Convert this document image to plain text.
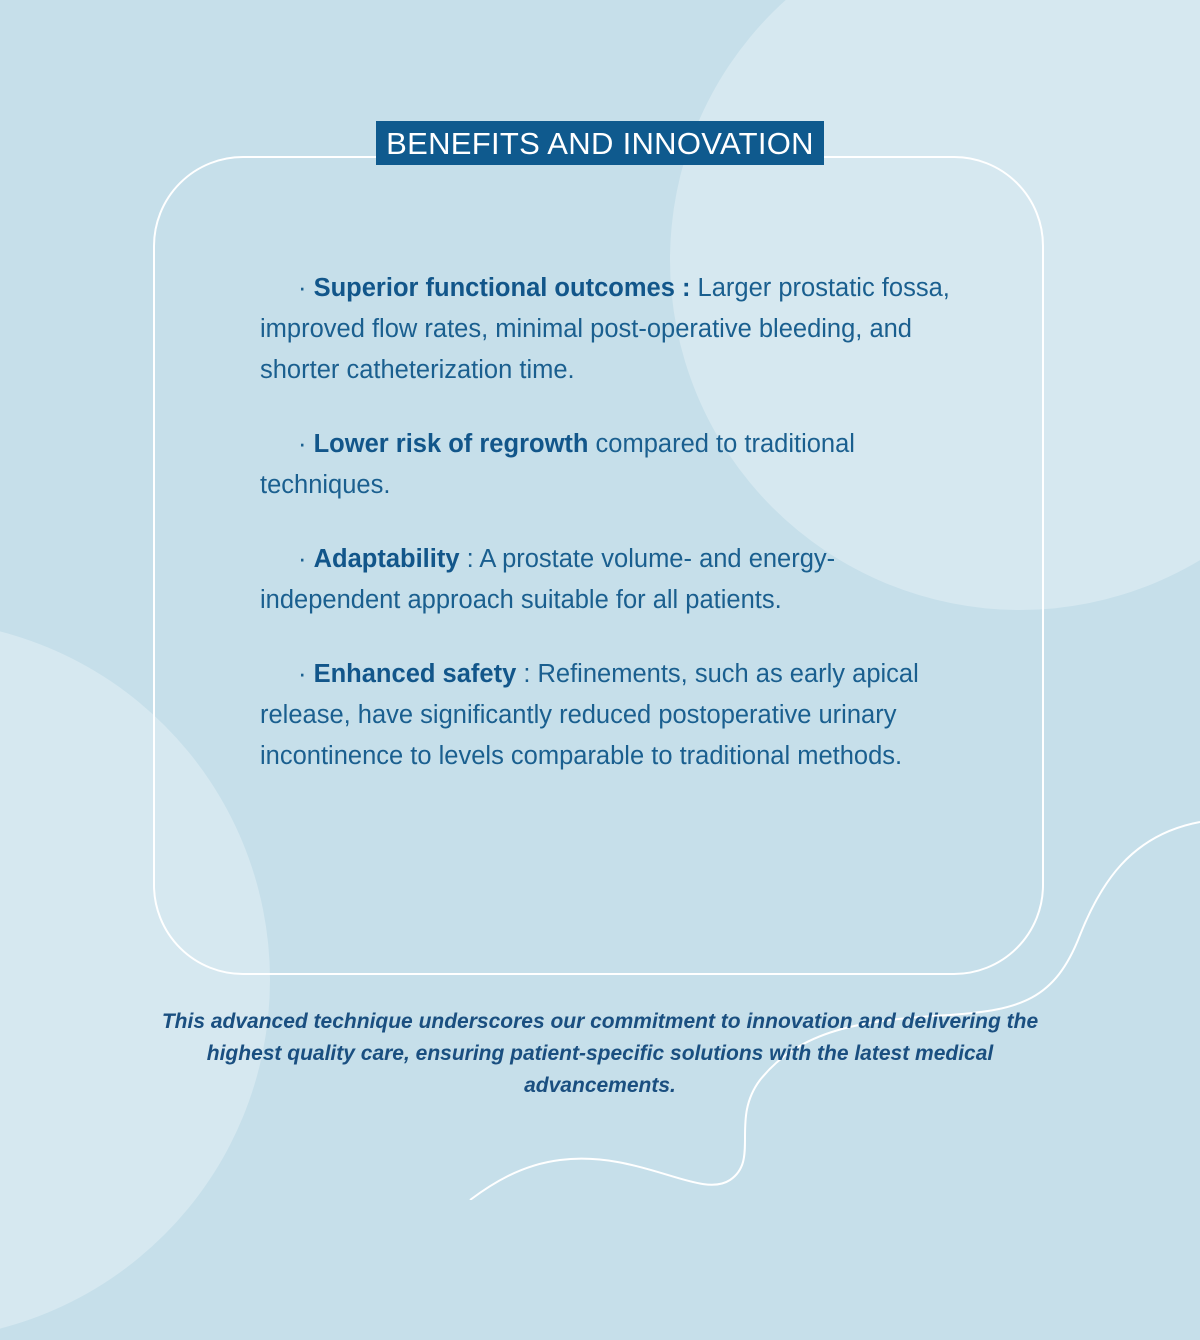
BENEFITS AND INNOVATION

· Superior functional outcomes : Larger prostatic fossa, improved flow rates, minimal post-operative bleeding, and shorter catheterization time.

· Lower risk of regrowth compared to traditional techniques.

· Adaptability : A prostate volume- and energy-independent approach suitable for all patients.

· Enhanced safety : Refinements, such as early apical release, have significantly reduced postoperative urinary incontinence to levels comparable to traditional methods.

This advanced technique underscores our commitment to innovation and delivering the highest quality care, ensuring patient-specific solutions with the latest medical advancements.
